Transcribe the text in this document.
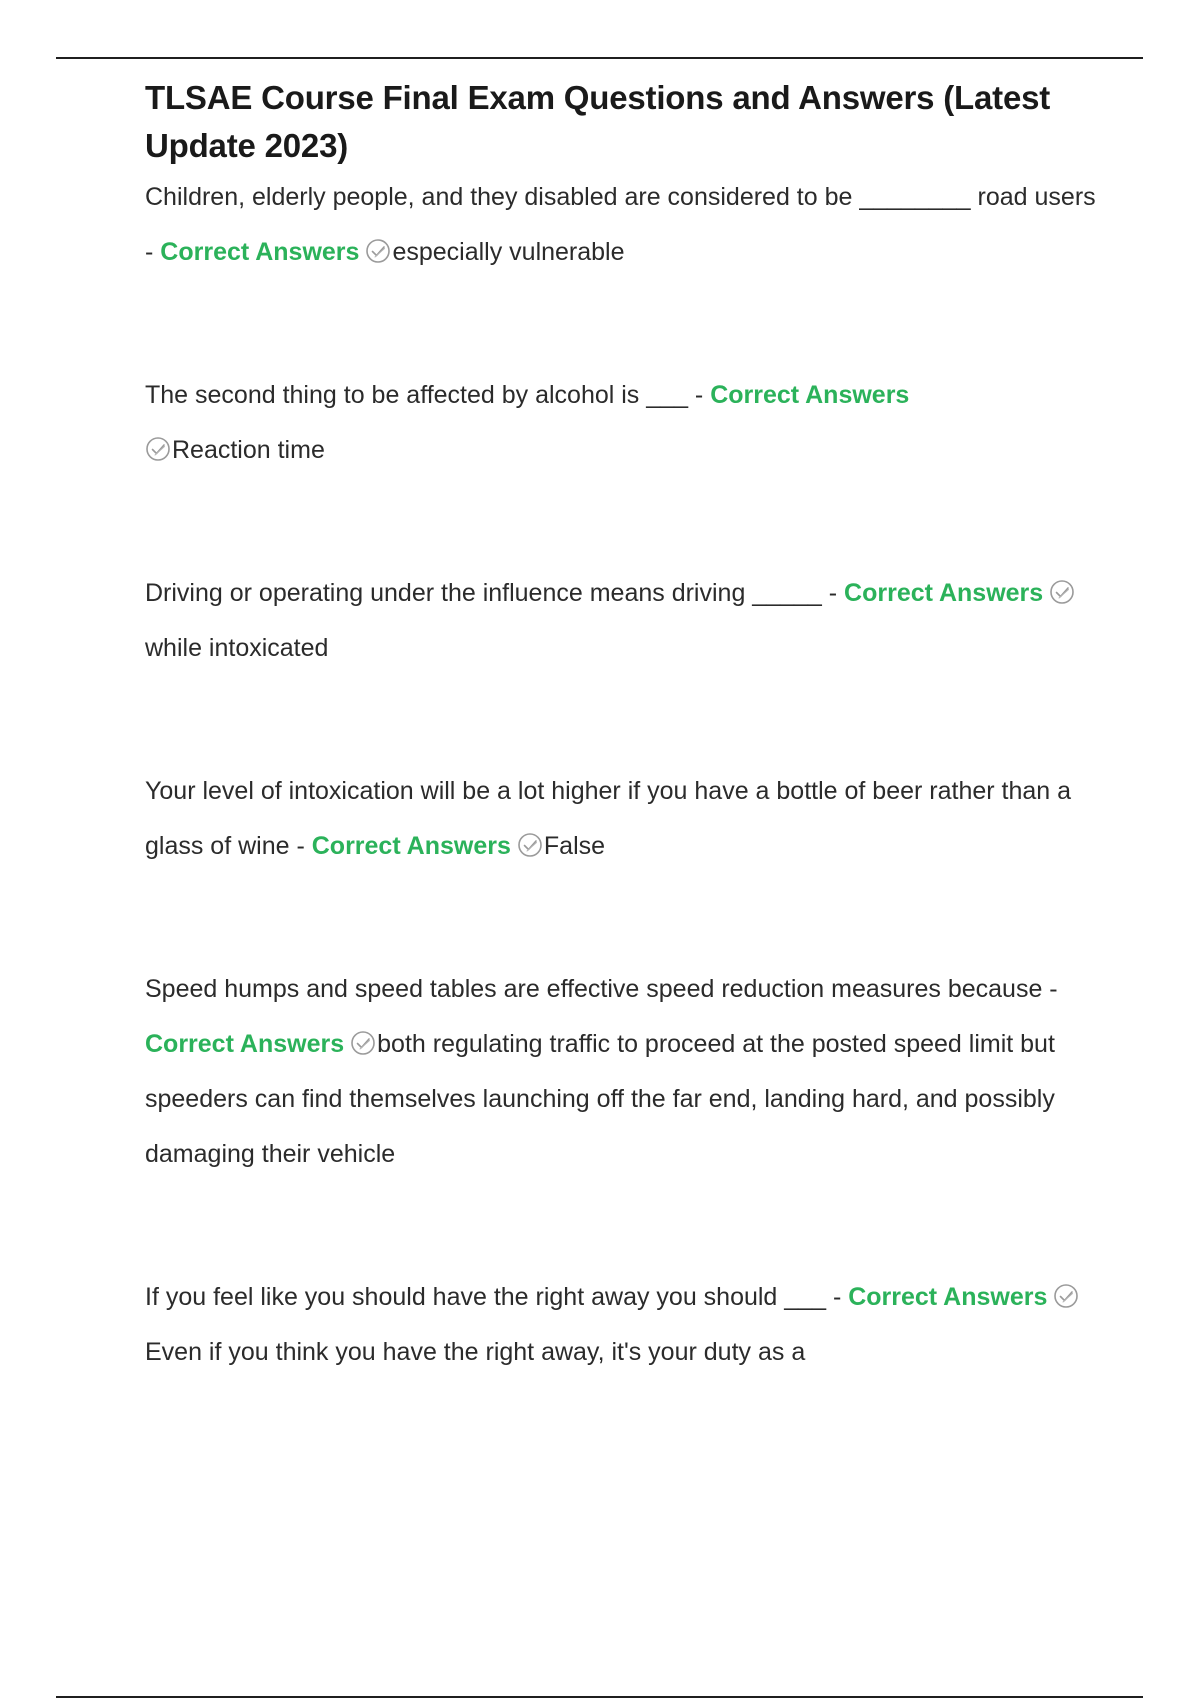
TLSAE Course Final Exam Questions and Answers (Latest Update 2023)

Children, elderly people, and they disabled are considered to be ________ road users - Correct Answers especially vulnerable

The second thing to be affected by alcohol is ___ - Correct Answers

Reaction time

Driving or operating under the influence means driving _____ - Correct Answers
while intoxicated

Your level of intoxication will be a lot higher if you have a bottle of beer rather than a glass of wine - Correct Answers False

Speed humps and speed tables are effective speed reduction measures because - Correct Answers both regulating traffic to proceed at the posted speed limit but speeders can find themselves launching off the far end, landing hard, and possibly damaging their vehicle

If you feel like you should have the right away you should ___ - Correct Answers
Even if you think you have the right away, it's your duty as a
